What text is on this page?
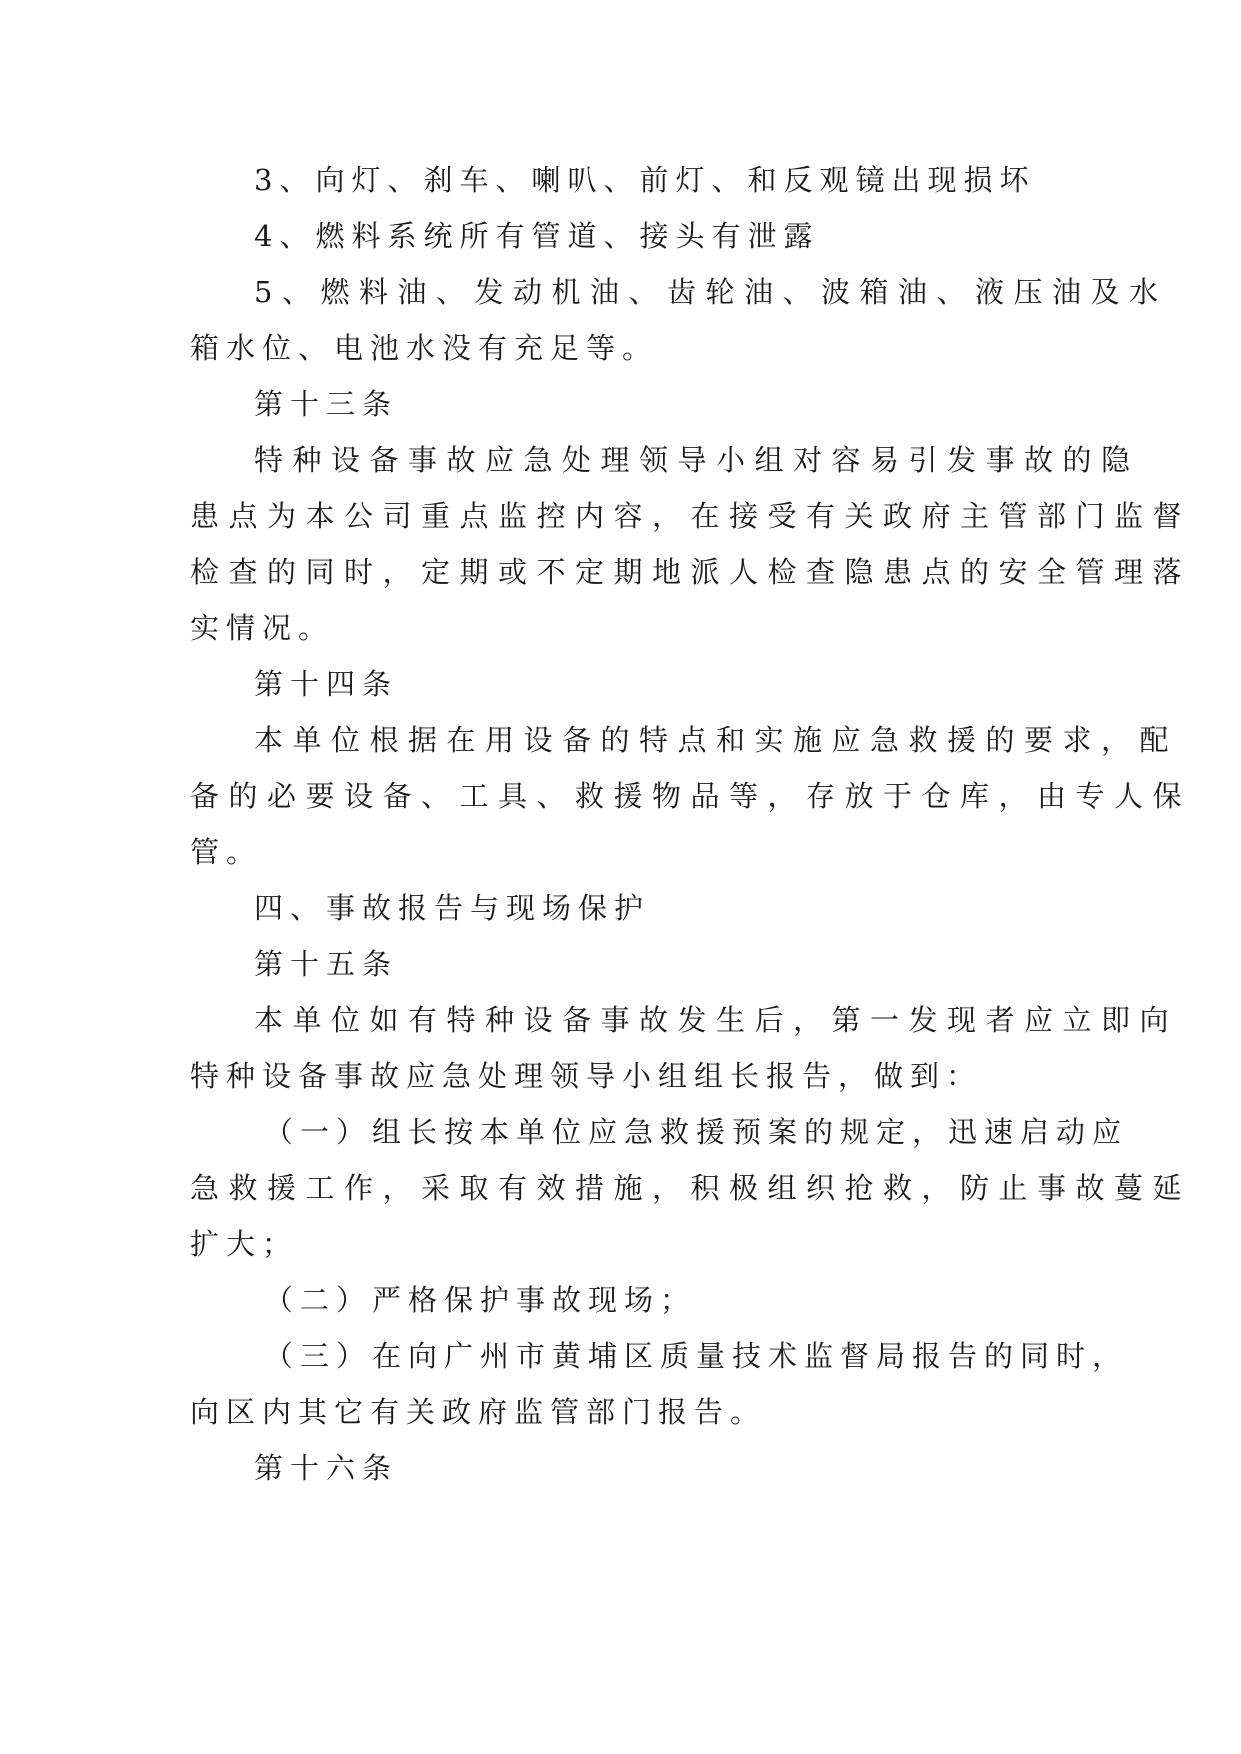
3、向灯、刹车、喇叭、前灯、和反观镜出现损坏
4、燃料系统所有管道、接头有泄露
5、燃料油、发动机油、齿轮油、波箱油、液压油及水
箱水位、电池水没有充足等。
第十三条
特种设备事故应急处理领导小组对容易引发事故的隐
患点为本公司重点监控内容，在接受有关政府主管部门监督
检查的同时，定期或不定期地派人检查隐患点的安全管理落
实情况。
第十四条
本单位根据在用设备的特点和实施应急救援的要求，配
备的必要设备、工具、救援物品等，存放于仓库，由专人保
管。
四、事故报告与现场保护
第十五条
本单位如有特种设备事故发生后，第一发现者应立即向
特种设备事故应急处理领导小组组长报告，做到：
（一）组长按本单位应急救援预案的规定，迅速启动应
急救援工作，采取有效措施，积极组织抢救，防止事故蔓延
扩大；
（二）严格保护事故现场；
（三）在向广州市黄埔区质量技术监督局报告的同时，
向区内其它有关政府监管部门报告。
第十六条
